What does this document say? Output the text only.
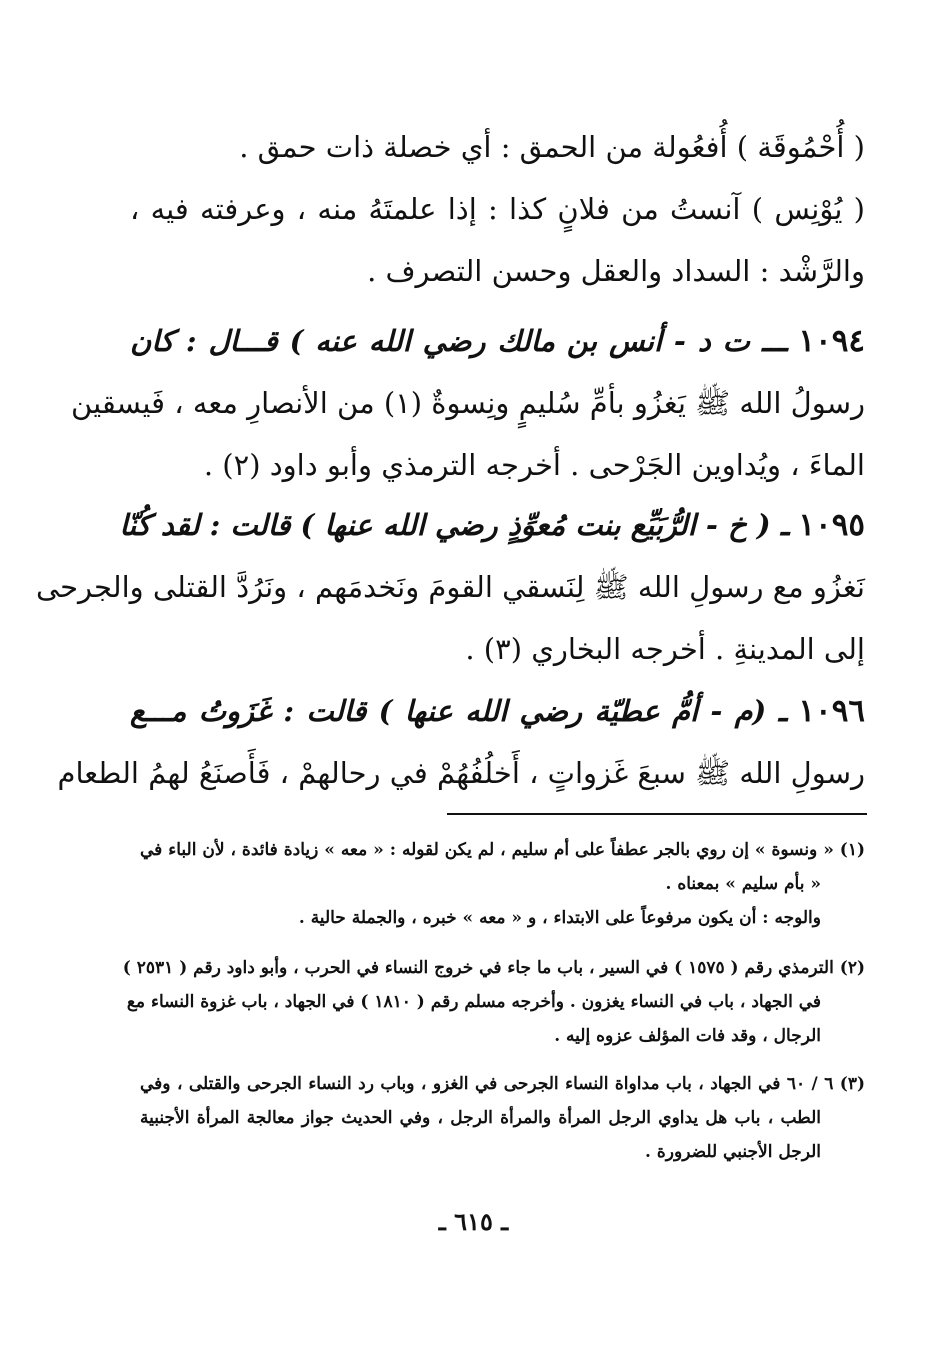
( أُحْمُوقَة ) أُفعُولة من الحمق : أي خصلة ذات حمق .
( يُوْنِس ) آنستُ من فلانٍ كذا : إذا علمتَهُ منه ، وعرفته فيه ،
والرَّشْد : السداد والعقل وحسن التصرف .
١٠٩٤ ـــ ت د - أنس بن مالك رضي الله عنه ) قـــال : كان
رسولُ الله ﷺ يَغزُو بأمِّ سُليمٍ ونِسوةٌ (١) من الأنصارِ معه ، فَيسقين
الماءَ ، ويُداوين الجَرْحى . أخرجه الترمذي وأبو داود (٢) .
١٠٩٥ ـ ( خ - الرُّبَيِّع بنت مُعوِّذٍ رضي الله عنها ) قالت : لقد كُنّا
نَغزُو مع رسولِ الله ﷺ لِنَسقي القومَ ونَخدمَهم ، ونَرُدَّ القتلى والجرحى
إلى المدينةِ . أخرجه البخاري (٣) .
١٠٩٦ ـ (م - أمُّ عطيّة رضي الله عنها ) قالت : غَزَوتُ مـــع
رسولِ الله ﷺ سبعَ غَزواتٍ ، أَخلُفُهُمْ في رحالهمْ ، فَأَصنَعُ لهمُ الطعام
(١) « ونسوة » إن روي بالجر عطفاً على أم سليم ، لم يكن لقوله : « معه » زيادة فائدة ، لأن الباء في
« بأم سليم » بمعناه .
والوجه : أن يكون مرفوعاً على الابتداء ، و « معه » خبره ، والجملة حالية .
(٢) الترمذي رقم ( ١٥٧٥ ) في السير ، باب ما جاء في خروج النساء في الحرب ، وأبو داود رقم ( ٢٥٣١ )
في الجهاد ، باب في النساء يغزون . وأخرجه مسلم رقم ( ١٨١٠ ) في الجهاد ، باب غزوة النساء مع
الرجال ، وقد فات المؤلف عزوه إليه .
(٣) ٦ / ٦٠ في الجهاد ، باب مداواة النساء الجرحى في الغزو ، وباب رد النساء الجرحى والقتلى ، وفي
الطب ، باب هل يداوي الرجل المرأة والمرأة الرجل ، وفي الحديث جواز معالجة المرأة الأجنبية
الرجل الأجنبي للضرورة .
ـ ٦١٥ ـ
